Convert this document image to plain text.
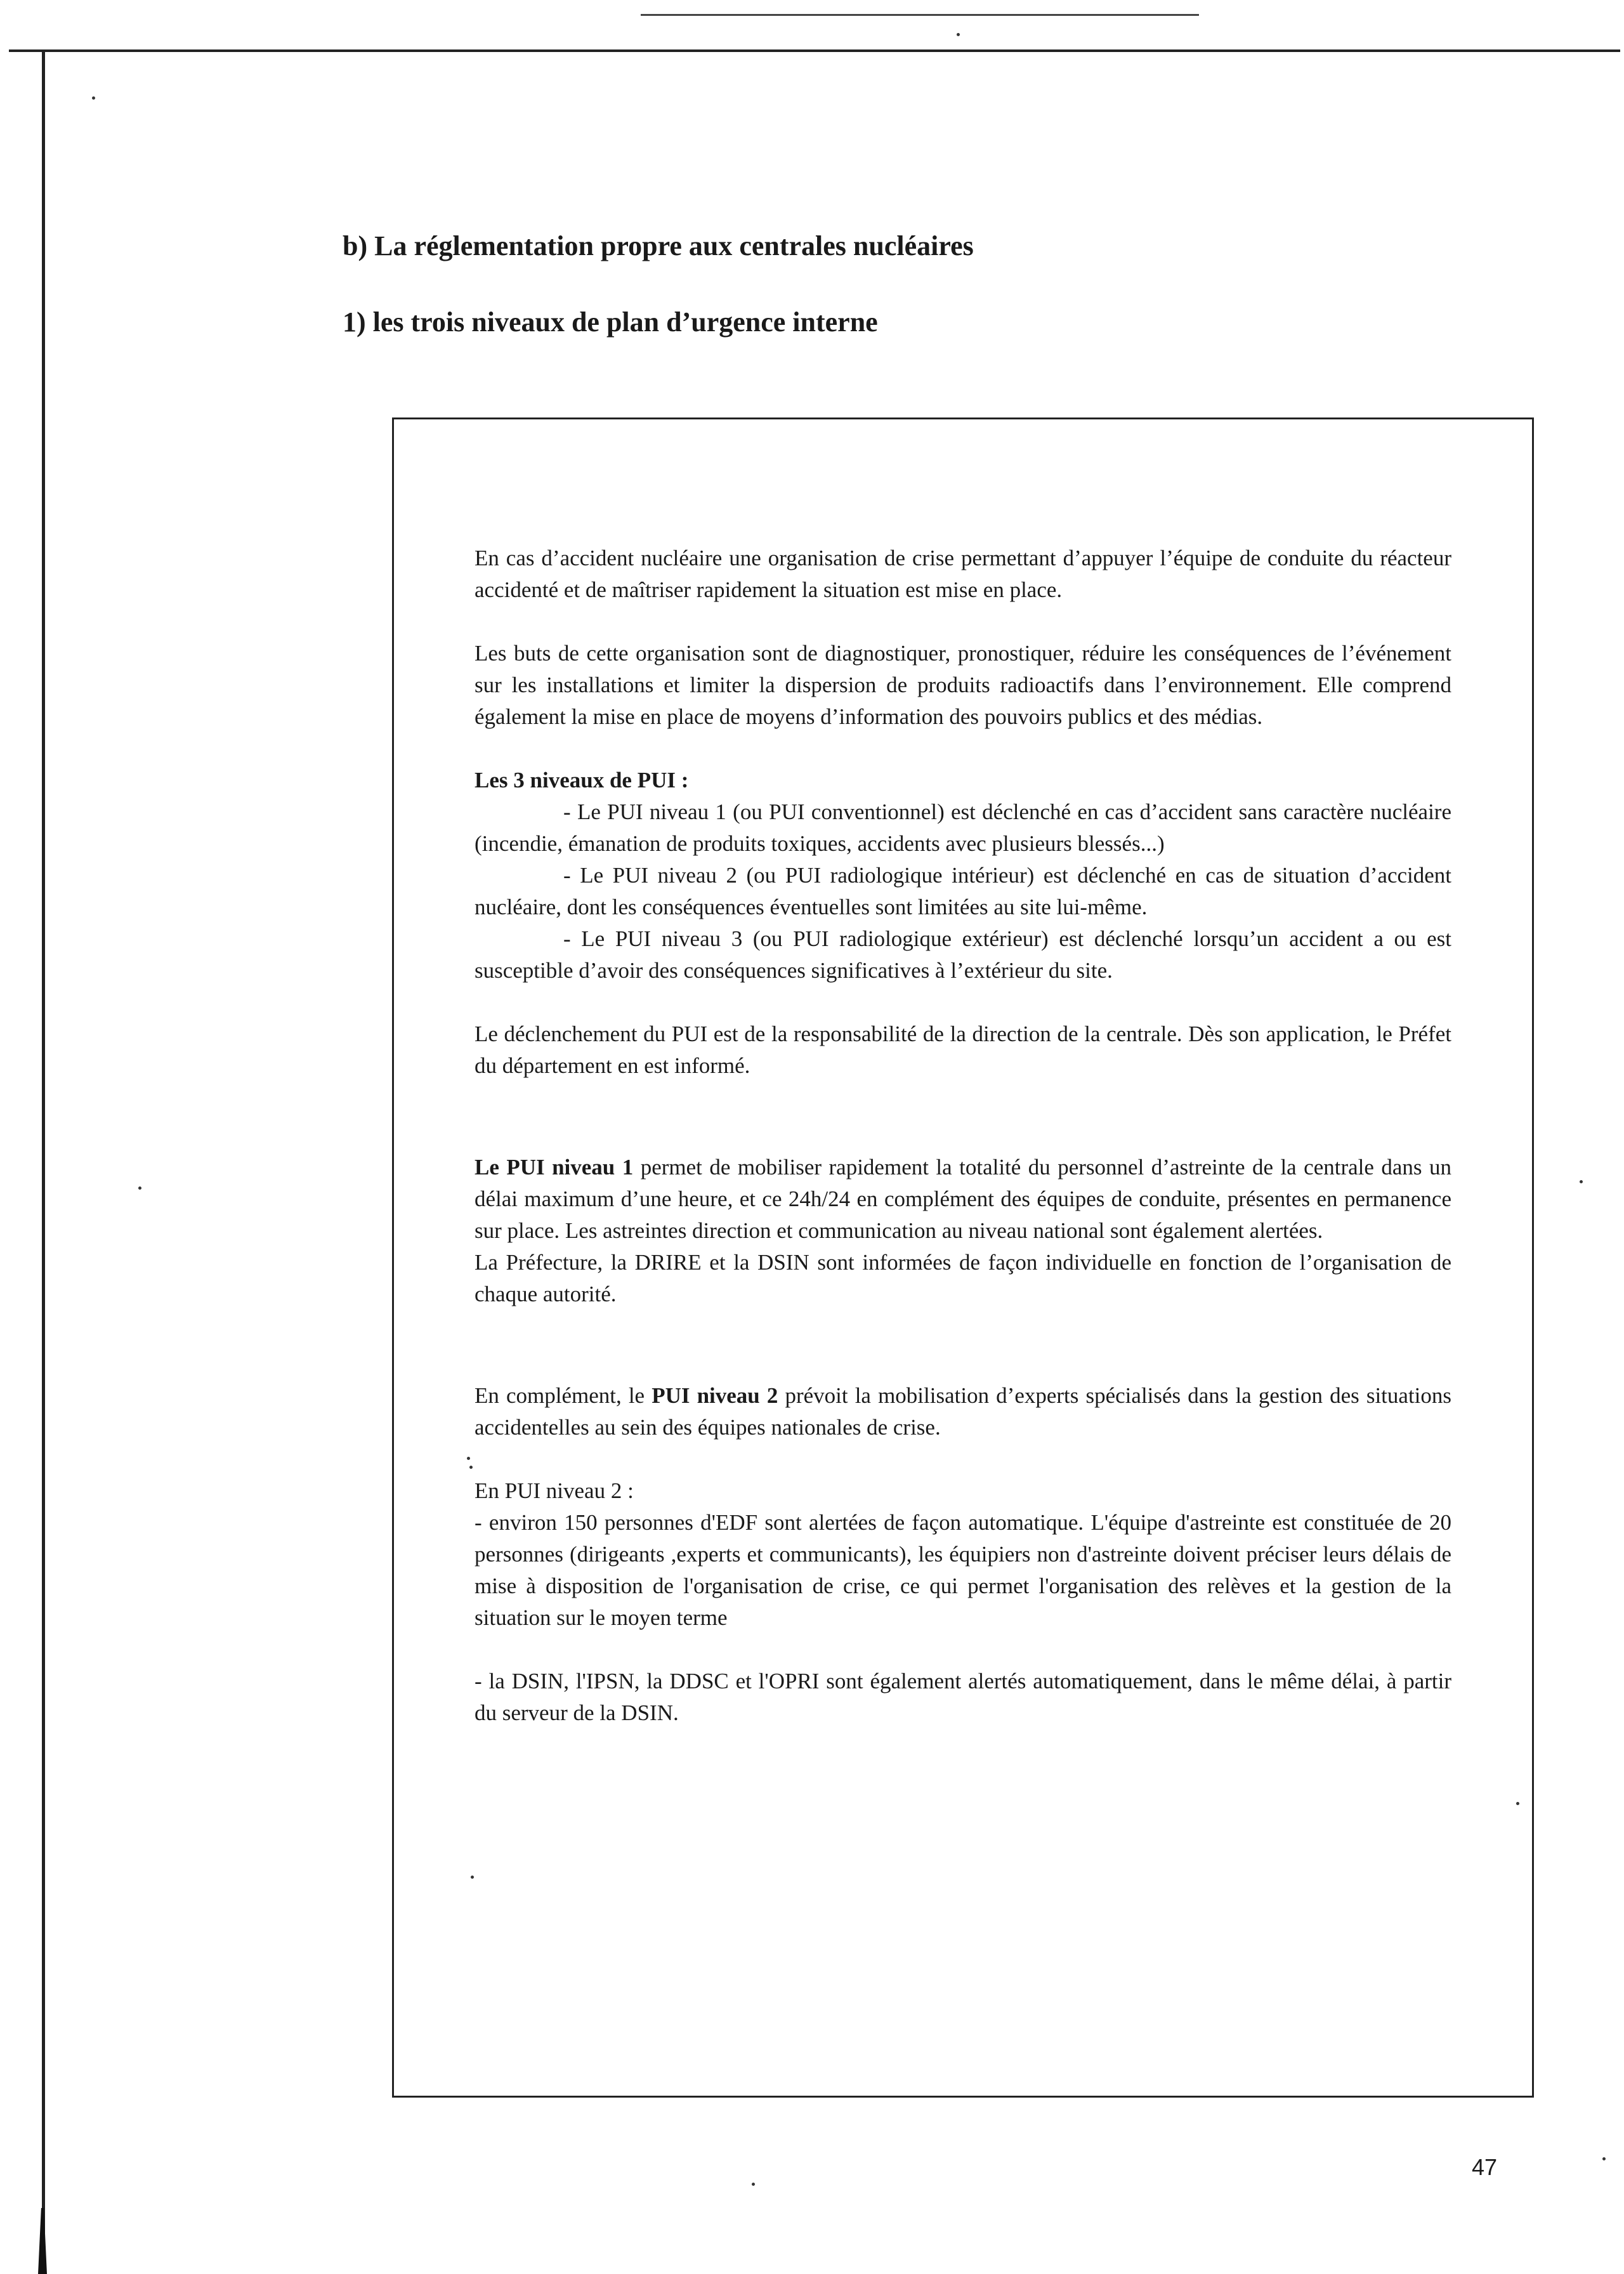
b) La réglementation propre aux centrales nucléaires
1) les trois niveaux de plan d’urgence interne

En cas d’accident nucléaire une organisation de crise permettant d’appuyer l’équipe de conduite du réacteur accidenté et de maîtriser rapidement la situation est mise en place.

Les buts de cette organisation sont de diagnostiquer, pronostiquer, réduire les conséquences de l’événement sur les installations et limiter la dispersion de produits radioactifs dans l’environnement. Elle comprend également la mise en place de moyens d’information des pouvoirs publics et des médias.

Les 3 niveaux de PUI :

- Le PUI niveau 1 (ou PUI conventionnel) est déclenché en cas d’accident sans caractère nucléaire (incendie, émanation de produits toxiques, accidents avec plusieurs blessés...)

- Le PUI niveau 2 (ou PUI radiologique intérieur) est déclenché en cas de situation d’accident nucléaire, dont les conséquences éventuelles sont limitées au site lui-même.

- Le PUI niveau 3 (ou PUI radiologique extérieur) est déclenché lorsqu’un accident a ou est susceptible d’avoir des conséquences significatives à l’extérieur du site.

Le déclenchement du PUI est de la responsabilité de la direction de la centrale. Dès son application, le Préfet du département en est informé.

Le PUI niveau 1 permet de mobiliser rapidement la totalité du personnel d’astreinte de la centrale dans un délai maximum d’une heure, et ce 24h/24 en complément des équipes de conduite, présentes en permanence sur place. Les astreintes direction et communication au niveau national sont également alertées.

La Préfecture, la DRIRE et la DSIN sont informées de façon individuelle en fonction de l’organisation de chaque autorité.

En complément, le PUI niveau 2 prévoit la mobilisation d’experts spécialisés dans la gestion des situations accidentelles au sein des équipes nationales de crise.

En PUI niveau 2 :

- environ 150 personnes d'EDF sont alertées de façon automatique. L'équipe d'astreinte est constituée de 20 personnes (dirigeants ,experts et communicants), les équipiers non d'astreinte doivent préciser leurs délais de mise à disposition de l'organisation de crise, ce qui permet l'organisation des relèves et la gestion de la situation sur le moyen terme

- la DSIN, l'IPSN, la DDSC et l'OPRI sont également alertés automatiquement, dans le même délai, à partir du serveur de la DSIN.

47
